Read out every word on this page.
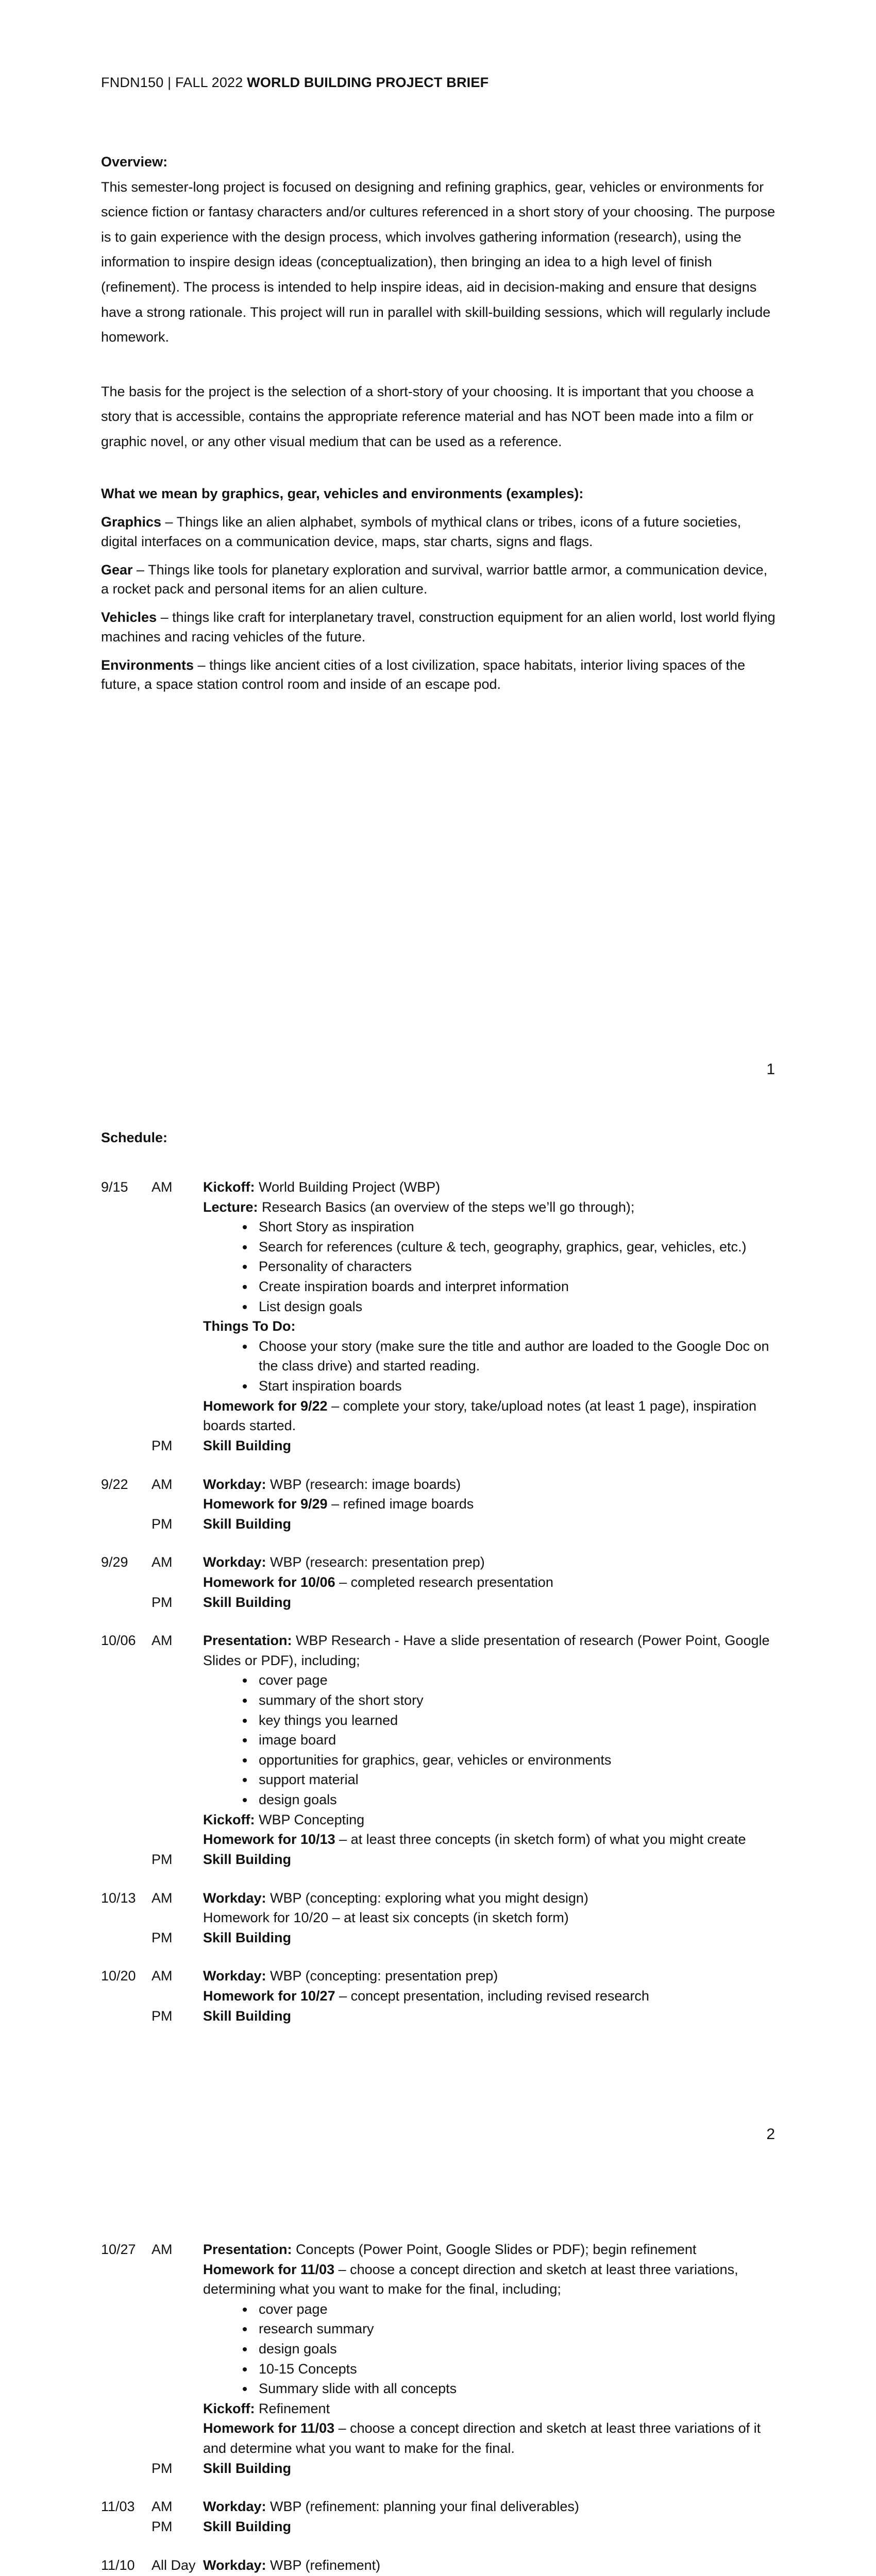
FNDN150 | FALL 2022 WORLD BUILDING PROJECT BRIEF

Overview:
This semester-long project is focused on designing and refining graphics, gear, vehicles or environments for science fiction or fantasy characters and/or cultures referenced in a short story of your choosing. The purpose is to gain experience with the design process, which involves gathering information (research), using the information to inspire design ideas (conceptualization), then bringing an idea to a high level of finish (refinement). The process is intended to help inspire ideas, aid in decision-making and ensure that designs have a strong rationale. This project will run in parallel with skill-building sessions, which will regularly include homework.

The basis for the project is the selection of a short-story of your choosing. It is important that you choose a story that is accessible, contains the appropriate reference material and has NOT been made into a film or graphic novel, or any other visual medium that can be used as a reference.

What we mean by graphics, gear, vehicles and environments (examples):

Graphics – Things like an alien alphabet, symbols of mythical clans or tribes, icons of a future societies, digital interfaces on a communication device, maps, star charts, signs and flags.

Gear – Things like tools for planetary exploration and survival, warrior battle armor, a communication device, a rocket pack and personal items for an alien culture.

Vehicles – things like craft for interplanetary travel, construction equipment for an alien world, lost world flying machines and racing vehicles of the future.

Environments – things like ancient cities of a lost civilization, space habitats, interior living spaces of the future, a space station control room and inside of an escape pod.

1
Schedule:
9/15	AM	Kickoff: World Building Project (WBP)
Lecture: Research Basics (an overview of the steps we’ll go through);
• Short Story as inspiration
• Search for references (culture & tech, geography, graphics, gear, vehicles, etc.)
• Personality of characters
• Create inspiration boards and interpret information
• List design goals
Things To Do:
• Choose your story (make sure the title and author are loaded to the Google Doc on the class drive) and started reading.
• Start inspiration boards
Homework for 9/22 – complete your story, take/upload notes (at least 1 page), inspiration boards started.
PM	Skill Building
9/22	AM	Workday: WBP (research: image boards)
Homework for 9/29 – refined image boards
PM	Skill Building
9/29	AM	Workday: WBP (research: presentation prep)
Homework for 10/06 – completed research presentation
PM	Skill Building
10/06	AM	Presentation: WBP Research - Have a slide presentation of research (Power Point, Google Slides or PDF), including;
• cover page
• summary of the short story
• key things you learned
• image board
• opportunities for graphics, gear, vehicles or environments
• support material
• design goals
Kickoff: WBP Concepting
Homework for 10/13 – at least three concepts (in sketch form) of what you might create
PM	Skill Building
10/13	AM	Workday: WBP (concepting: exploring what you might design)
Homework for 10/20 – at least six concepts (in sketch form)
PM	Skill Building
10/20	AM	Workday: WBP (concepting: presentation prep)
Homework for 10/27 – concept presentation, including revised research
PM	Skill Building
2
10/27	AM	Presentation: Concepts (Power Point, Google Slides or PDF); begin refinement
Homework for 11/03 – choose a concept direction and sketch at least three variations, determining what you want to make for the final, including;
• cover page
• research summary
• design goals
• 10-15 Concepts
• Summary slide with all concepts
Kickoff: Refinement
Homework for 11/03 – choose a concept direction and sketch at least three variations of it and determine what you want to make for the final.
PM	Skill Building
11/03	AM	Workday: WBP (refinement: planning your final deliverables)
PM	Skill Building
11/10	All Day Workday: WBP (refinement)
